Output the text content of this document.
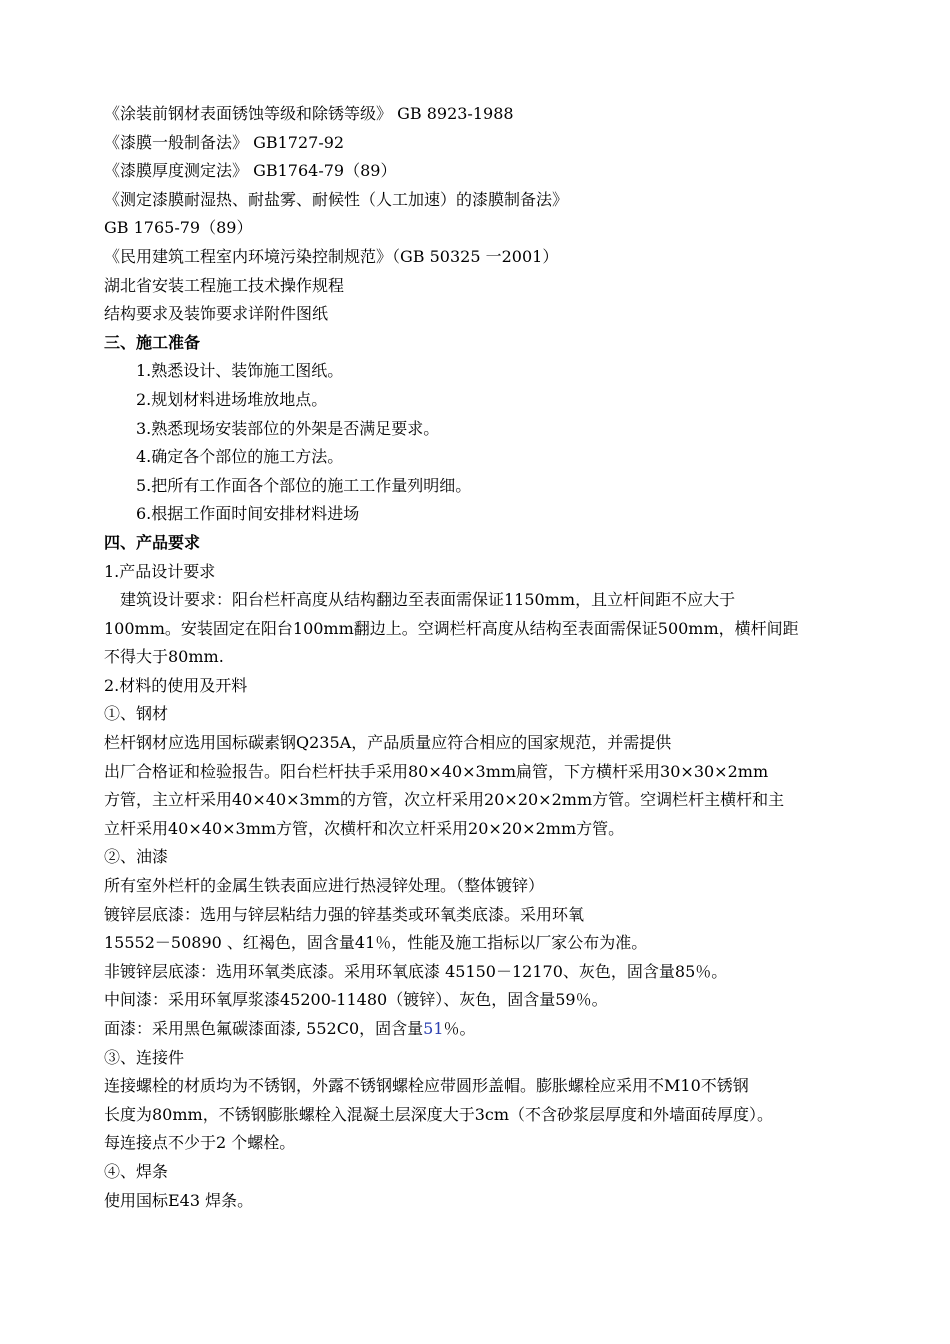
《涂装前钢材表面锈蚀等级和除锈等级》 GB 8923-1988
《漆膜一般制备法》 GB1727-92
《漆膜厚度测定法》 GB1764-79（89）
《测定漆膜耐湿热、耐盐雾、耐候性（人工加速）的漆膜制备法》
GB 1765-79（89）
《民用建筑工程室内环境污染控制规范》（GB 50325 一2001）
湖北省安装工程施工技术操作规程
结构要求及装饰要求详附件图纸
三、施工准备
1.熟悉设计、装饰施工图纸。
2.规划材料进场堆放地点。
3.熟悉现场安装部位的外架是否满足要求。
4.确定各个部位的施工方法。
5.把所有工作面各个部位的施工工作量列明细。
6.根据工作面时间安排材料进场
四、产品要求
1.产品设计要求
建筑设计要求：阳台栏杆高度从结构翻边至表面需保证1150mm，且立杆间距不应大于
100mm。安装固定在阳台100mm翻边上。空调栏杆高度从结构至表面需保证500mm，横杆间距
不得大于80mm.
2.材料的使用及开料
①、钢材
栏杆钢材应选用国标碳素钢Q235A，产品质量应符合相应的国家规范，并需提供
出厂合格证和检验报告。阳台栏杆扶手采用80×40×3mm扁管，下方横杆采用30×30×2mm
方管，主立杆采用40×40×3mm的方管，次立杆采用20×20×2mm方管。空调栏杆主横杆和主
立杆采用40×40×3mm方管，次横杆和次立杆采用20×20×2mm方管。
②、油漆
所有室外栏杆的金属生铁表面应进行热浸锌处理。（整体镀锌）
镀锌层底漆：选用与锌层粘结力强的锌基类或环氧类底漆。采用环氧
15552－50890 、红褐色，固含量41％，性能及施工指标以厂家公布为准。
非镀锌层底漆：选用环氧类底漆。采用环氧底漆 45150－12170、灰色，固含量85％。
中间漆：采用环氧厚浆漆45200-11480（镀锌）、灰色，固含量59％。
面漆：采用黑色氟碳漆面漆, 552C0，固含量51％。
③、连接件
连接螺栓的材质均为不锈钢，外露不锈钢螺栓应带圆形盖帽。膨胀螺栓应采用不M10不锈钢
长度为80mm，不锈钢膨胀螺栓入混凝土层深度大于3cm（不含砂浆层厚度和外墙面砖厚度）。
每连接点不少于2 个螺栓。
④、焊条
使用国标E43 焊条。
